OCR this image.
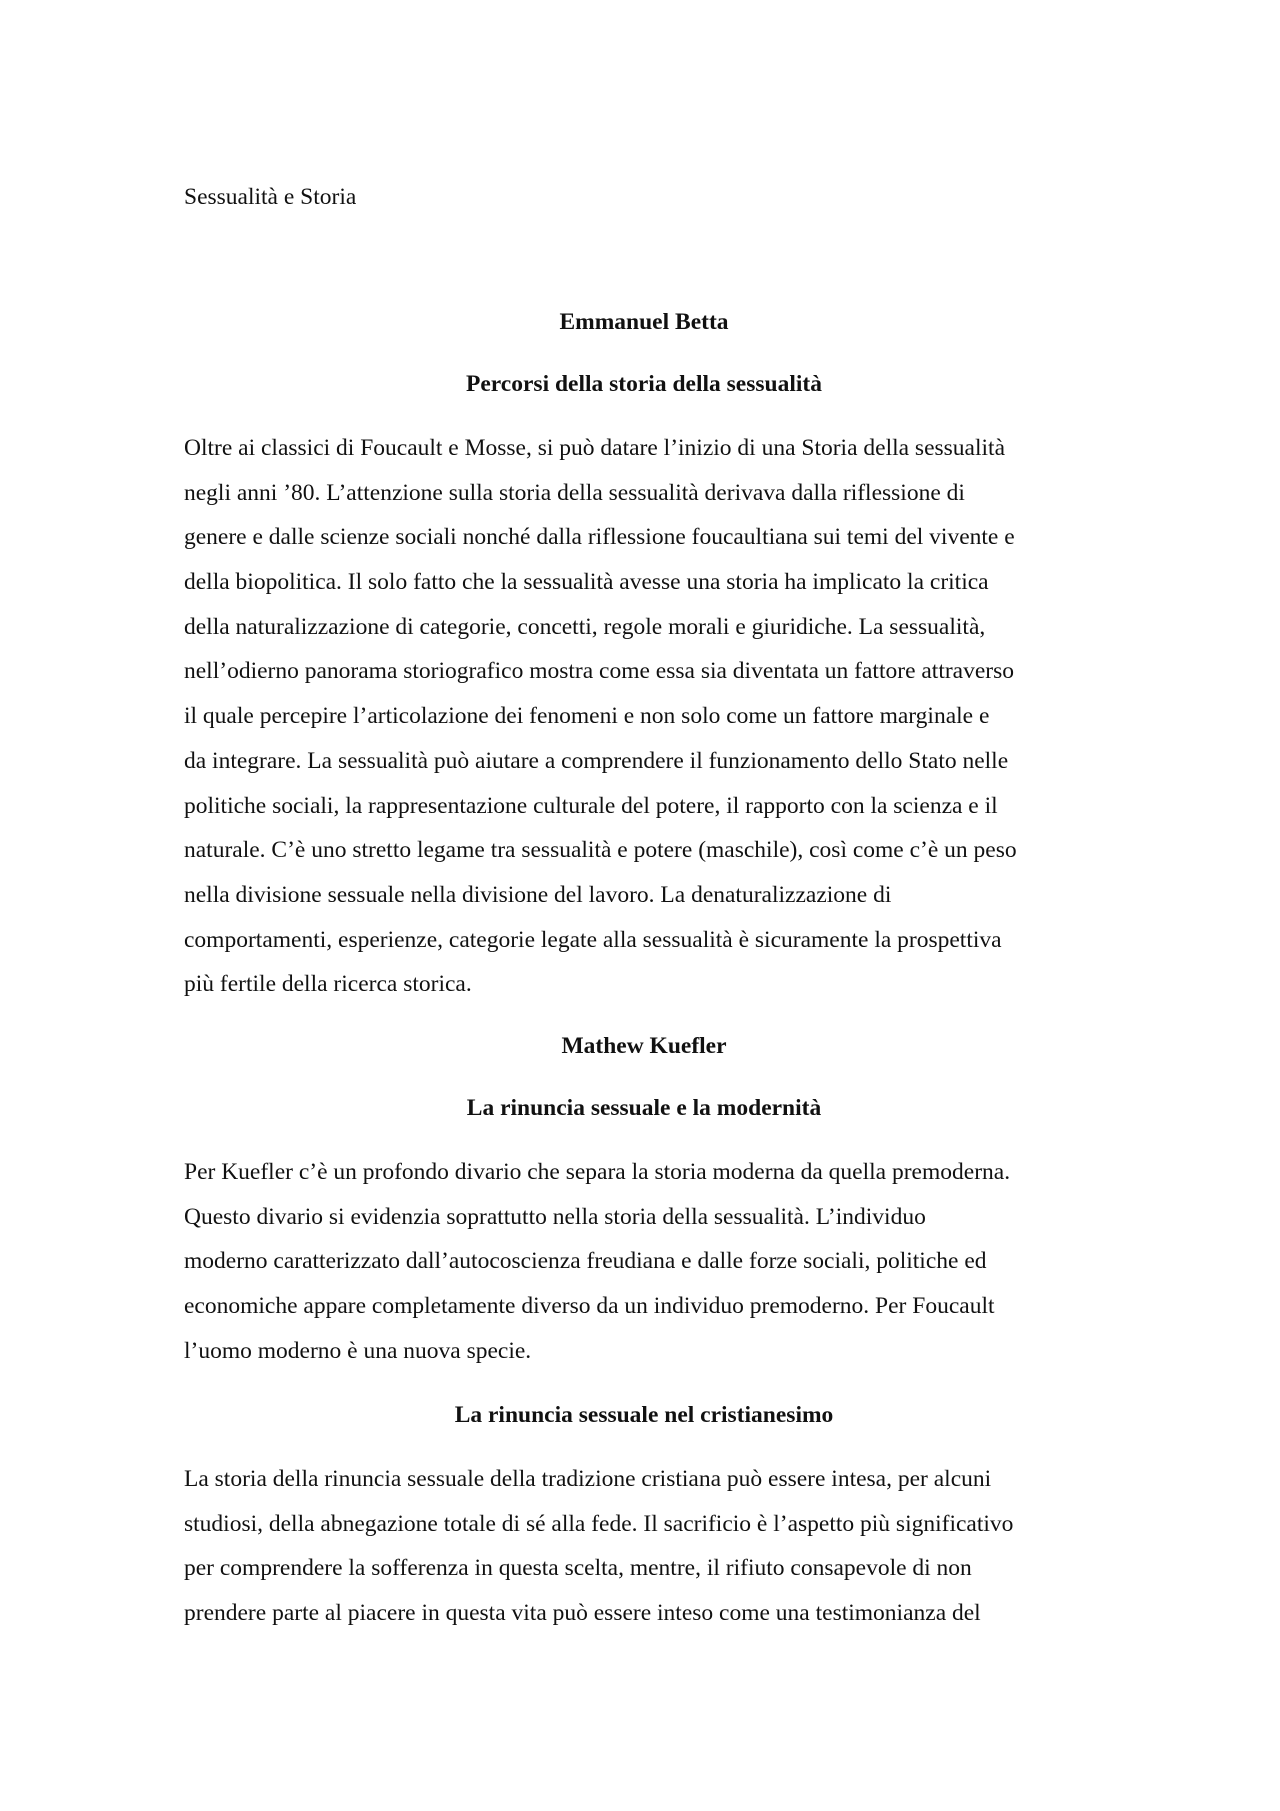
Sessualità e Storia

Emmanuel Betta
Percorsi della storia della sessualità
Oltre ai classici di Foucault e Mosse, si può datare l’inizio di una Storia della sessualità
negli anni ’80. L’attenzione sulla storia della sessualità derivava dalla riflessione di
genere e dalle scienze sociali nonché dalla riflessione foucaultiana sui temi del vivente e
della biopolitica. Il solo fatto che la sessualità avesse una storia ha implicato la critica
della naturalizzazione di categorie, concetti, regole morali e giuridiche. La sessualità,
nell’odierno panorama storiografico mostra come essa sia diventata un fattore attraverso
il quale percepire l’articolazione dei fenomeni e non solo come un fattore marginale e
da integrare. La sessualità può aiutare a comprendere il funzionamento dello Stato nelle
politiche sociali, la rappresentazione culturale del potere, il rapporto con la scienza e il
naturale. C’è uno stretto legame tra sessualità e potere (maschile), così come c’è un peso
nella divisione sessuale nella divisione del lavoro. La denaturalizzazione di
comportamenti, esperienze, categorie legate alla sessualità è sicuramente la prospettiva
più fertile della ricerca storica.
Mathew Kuefler
La rinuncia sessuale e la modernità
Per Kuefler c’è un profondo divario che separa la storia moderna da quella premoderna.
Questo divario si evidenzia soprattutto nella storia della sessualità. L’individuo
moderno caratterizzato dall’autocoscienza freudiana e dalle forze sociali, politiche ed
economiche appare completamente diverso da un individuo premoderno. Per Foucault
l’uomo moderno è una nuova specie.
La rinuncia sessuale nel cristianesimo
La storia della rinuncia sessuale della tradizione cristiana può essere intesa, per alcuni
studiosi, della abnegazione totale di sé alla fede. Il sacrificio è l’aspetto più significativo
per comprendere la sofferenza in questa scelta, mentre, il rifiuto consapevole di non
prendere parte al piacere in questa vita può essere inteso come una testimonianza del
